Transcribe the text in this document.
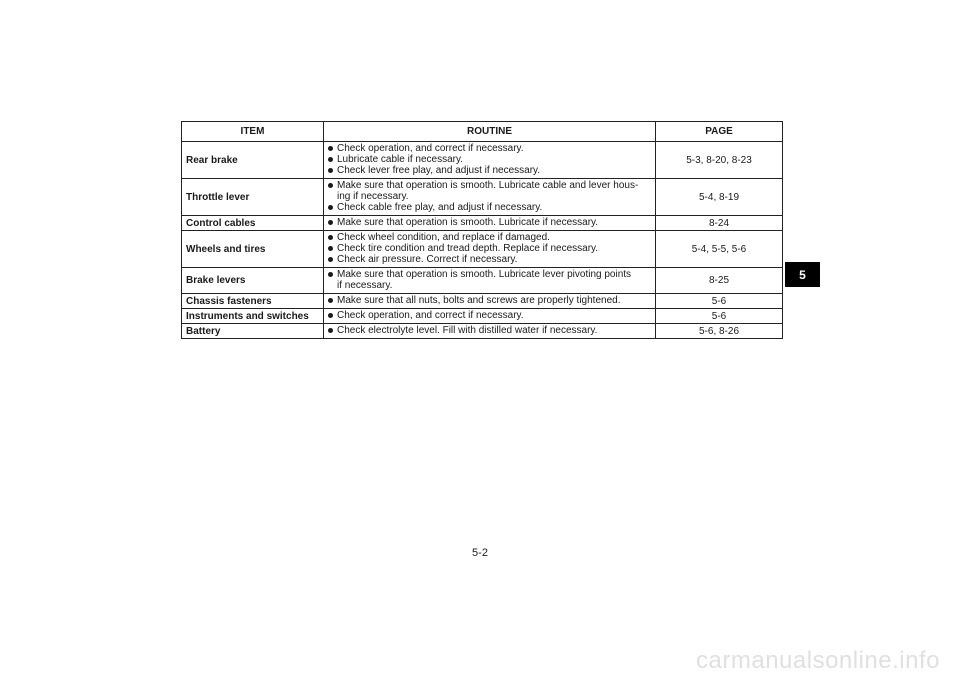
ITEM	ROUTINE	PAGE
Rear brake	Check operation, and correct if necessary.
Lubricate cable if necessary.
Check lever free play, and adjust if necessary.	5-3, 8-20, 8-23
Throttle lever	Make sure that operation is smooth. Lubricate cable and lever hous-
ing if necessary.
Check cable free play, and adjust if necessary.	5-4, 8-19
Control cables	Make sure that operation is smooth. Lubricate if necessary.	8-24
Wheels and tires	Check wheel condition, and replace if damaged.
Check tire condition and tread depth. Replace if necessary.
Check air pressure. Correct if necessary.	5-4, 5-5, 5-6
Brake levers	Make sure that operation is smooth. Lubricate lever pivoting points
if necessary.	8-25
Chassis fasteners	Make sure that all nuts, bolts and screws are properly tightened.	5-6
Instruments and switches	Check operation, and correct if necessary.	5-6
Battery	Check electrolyte level. Fill with distilled water if necessary.	5-6, 8-26
5
5-2
carmanualsonline.info
